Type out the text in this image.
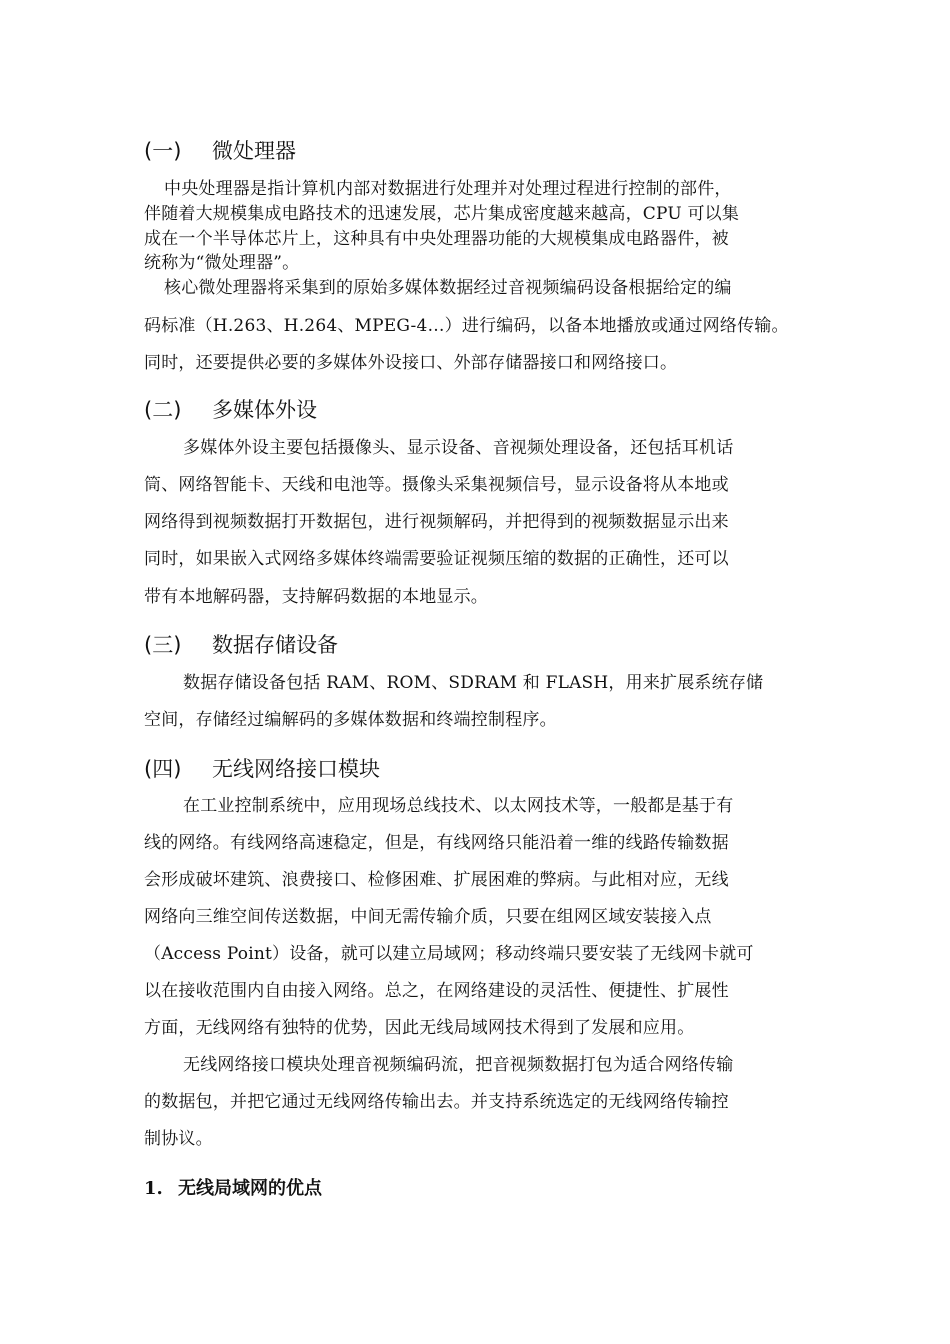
(一) 微处理器
中央处理器是指计算机内部对数据进行处理并对处理过程进行控制的部件，
伴随着大规模集成电路技术的迅速发展，芯片集成密度越来越高，CPU 可以集
成在一个半导体芯片上，这种具有中央处理器功能的大规模集成电路器件，被
统称为“微处理器”。
核心微处理器将采集到的原始多媒体数据经过音视频编码设备根据给定的编
码标准（H.263、H.264、MPEG-4…）进行编码，以备本地播放或通过网络传输。
同时，还要提供必要的多媒体外设接口、外部存储器接口和网络接口。
(二) 多媒体外设
多媒体外设主要包括摄像头、显示设备、音视频处理设备，还包括耳机话
筒、网络智能卡、天线和电池等。摄像头采集视频信号，显示设备将从本地或
网络得到视频数据打开数据包，进行视频解码，并把得到的视频数据显示出来
同时，如果嵌入式网络多媒体终端需要验证视频压缩的数据的正确性，还可以
带有本地解码器，支持解码数据的本地显示。
(三) 数据存储设备
数据存储设备包括 RAM、ROM、SDRAM 和 FLASH，用来扩展系统存储
空间，存储经过编解码的多媒体数据和终端控制程序。
(四) 无线网络接口模块
在工业控制系统中，应用现场总线技术、以太网技术等，一般都是基于有
线的网络。有线网络高速稳定，但是，有线网络只能沿着一维的线路传输数据
会形成破坏建筑、浪费接口、检修困难、扩展困难的弊病。与此相对应，无线
网络向三维空间传送数据，中间无需传输介质，只要在组网区域安装接入点
（Access Point）设备，就可以建立局域网；移动终端只要安装了无线网卡就可
以在接收范围内自由接入网络。总之，在网络建设的灵活性、便捷性、扩展性
方面，无线网络有独特的优势，因此无线局域网技术得到了发展和应用。
无线网络接口模块处理音视频编码流，把音视频数据打包为适合网络传输
的数据包，并把它通过无线网络传输出去。并支持系统选定的无线网络传输控
制协议。
1. 无线局域网的优点
